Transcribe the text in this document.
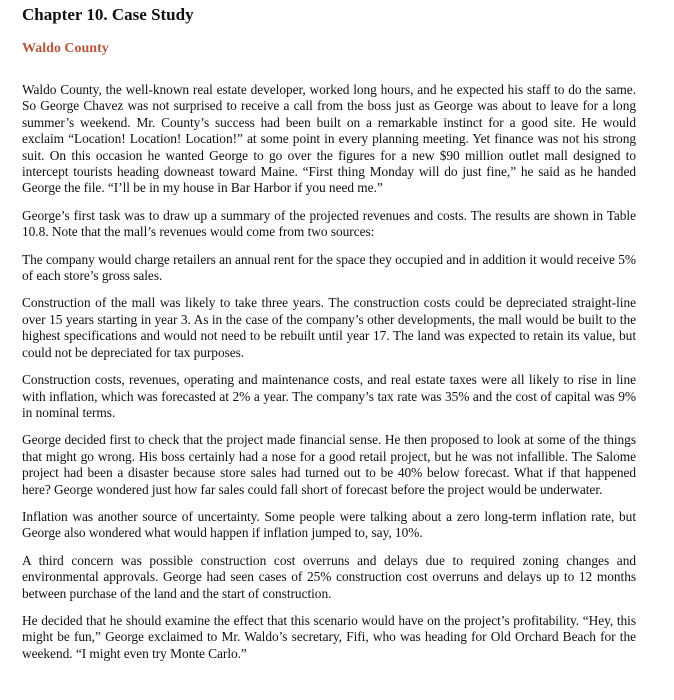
Chapter 10. Case Study
Waldo County

Waldo County, the well-known real estate developer, worked long hours, and he expected his staff to do the same. So George Chavez was not surprised to receive a call from the boss just as George was about to leave for a long summer’s weekend. Mr. County’s success had been built on a remarkable instinct for a good site. He would exclaim “Location! Location! Location!” at some point in every planning meeting. Yet finance was not his strong suit. On this occasion he wanted George to go over the figures for a new $90 million outlet mall designed to intercept tourists heading downeast toward Maine. “First thing Monday will do just fine,” he said as he handed George the file. “I’ll be in my house in Bar Harbor if you need me.”

George’s first task was to draw up a summary of the projected revenues and costs. The results are shown in Table 10.8. Note that the mall’s revenues would come from two sources:

The company would charge retailers an annual rent for the space they occupied and in addition it would receive 5% of each store’s gross sales.

Construction of the mall was likely to take three years. The construction costs could be depreciated straight-line over 15 years starting in year 3. As in the case of the company’s other developments, the mall would be built to the highest specifications and would not need to be rebuilt until year 17. The land was expected to retain its value, but could not be depreciated for tax purposes.

Construction costs, revenues, operating and maintenance costs, and real estate taxes were all likely to rise in line with inflation, which was forecasted at 2% a year. The company’s tax rate was 35% and the cost of capital was 9% in nominal terms.

George decided first to check that the project made financial sense. He then proposed to look at some of the things that might go wrong. His boss certainly had a nose for a good retail project, but he was not infallible. The Salome project had been a disaster because store sales had turned out to be 40% below forecast. What if that happened here? George wondered just how far sales could fall short of forecast before the project would be underwater.

Inflation was another source of uncertainty. Some people were talking about a zero long-term inflation rate, but George also wondered what would happen if inflation jumped to, say, 10%.

A third concern was possible construction cost overruns and delays due to required zoning changes and environmental approvals. George had seen cases of 25% construction cost overruns and delays up to 12 months between purchase of the land and the start of construction.

He decided that he should examine the effect that this scenario would have on the project’s profitability. “Hey, this might be fun,” George exclaimed to Mr. Waldo’s secretary, Fifi, who was heading for Old Orchard Beach for the weekend. “I might even try Monte Carlo.”
